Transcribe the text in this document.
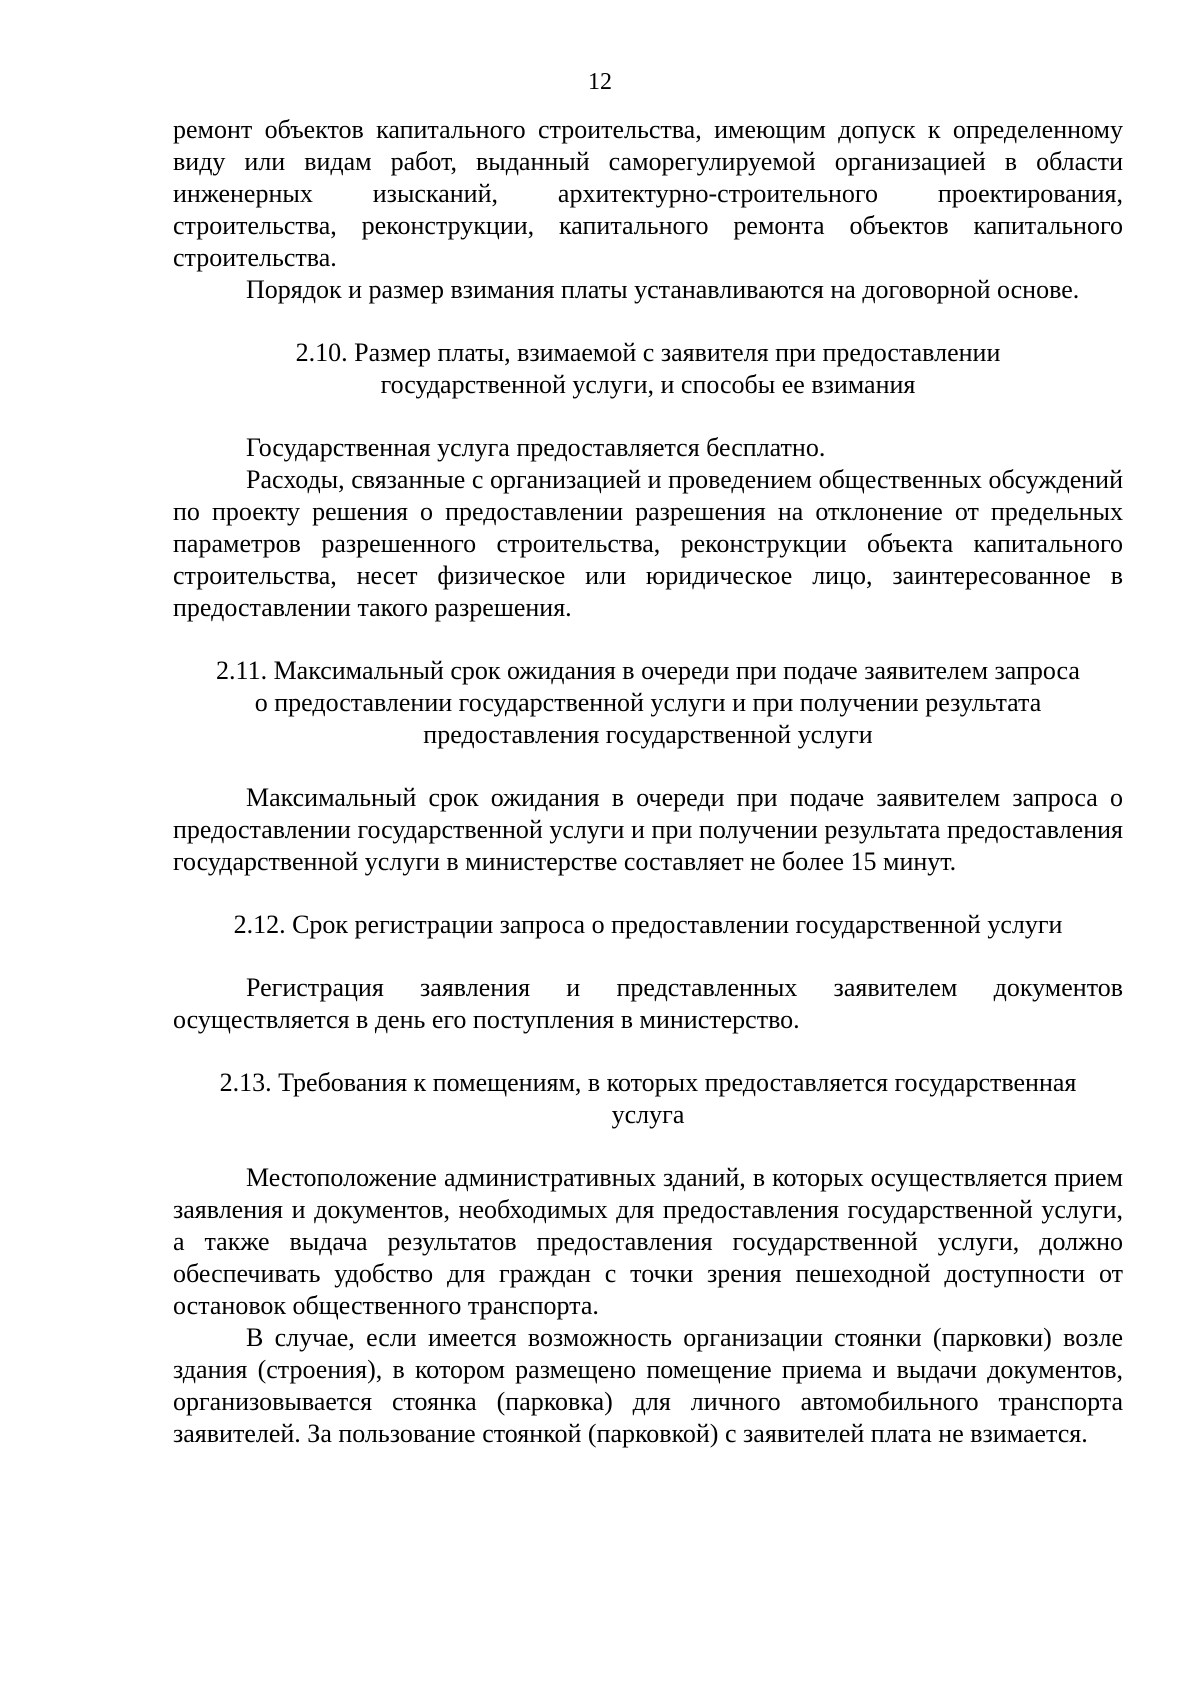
12

ремонт объектов капитального строительства, имеющим допуск к определенному виду или видам работ, выданный саморегулируемой организацией в области инженерных изысканий, архитектурно-строительного проектирования, строительства, реконструкции, капитального ремонта объектов капитального строительства.

Порядок и размер взимания платы устанавливаются на договорной основе.

2.10. Размер платы, взимаемой с заявителя при предоставлении
государственной услуги, и способы ее взимания

Государственная услуга предоставляется бесплатно.

Расходы, связанные с организацией и проведением общественных обсуждений по проекту решения о предоставлении разрешения на отклонение от предельных параметров разрешенного строительства, реконструкции объекта капитального строительства, несет физическое или юридическое лицо, заинтересованное в предоставлении такого разрешения.

2.11. Максимальный срок ожидания в очереди при подаче заявителем запроса
о предоставлении государственной услуги и при получении результата
предоставления государственной услуги

Максимальный срок ожидания в очереди при подаче заявителем запроса о предоставлении государственной услуги и при получении результата предоставления государственной услуги в министерстве составляет не более 15 минут.

2.12. Срок регистрации запроса о предоставлении государственной услуги

Регистрация заявления и представленных заявителем документов осуществляется в день его поступления в министерство.

2.13. Требования к помещениям, в которых предоставляется государственная
услуга

Местоположение административных зданий, в которых осуществляется прием заявления и документов, необходимых для предоставления государственной услуги, а также выдача результатов предоставления государственной услуги, должно обеспечивать удобство для граждан с точки зрения пешеходной доступности от остановок общественного транспорта.

В случае, если имеется возможность организации стоянки (парковки) возле здания (строения), в котором размещено помещение приема и выдачи документов, организовывается стоянка (парковка) для личного автомобильного транспорта заявителей. За пользование стоянкой (парковкой) с заявителей плата не взимается.
